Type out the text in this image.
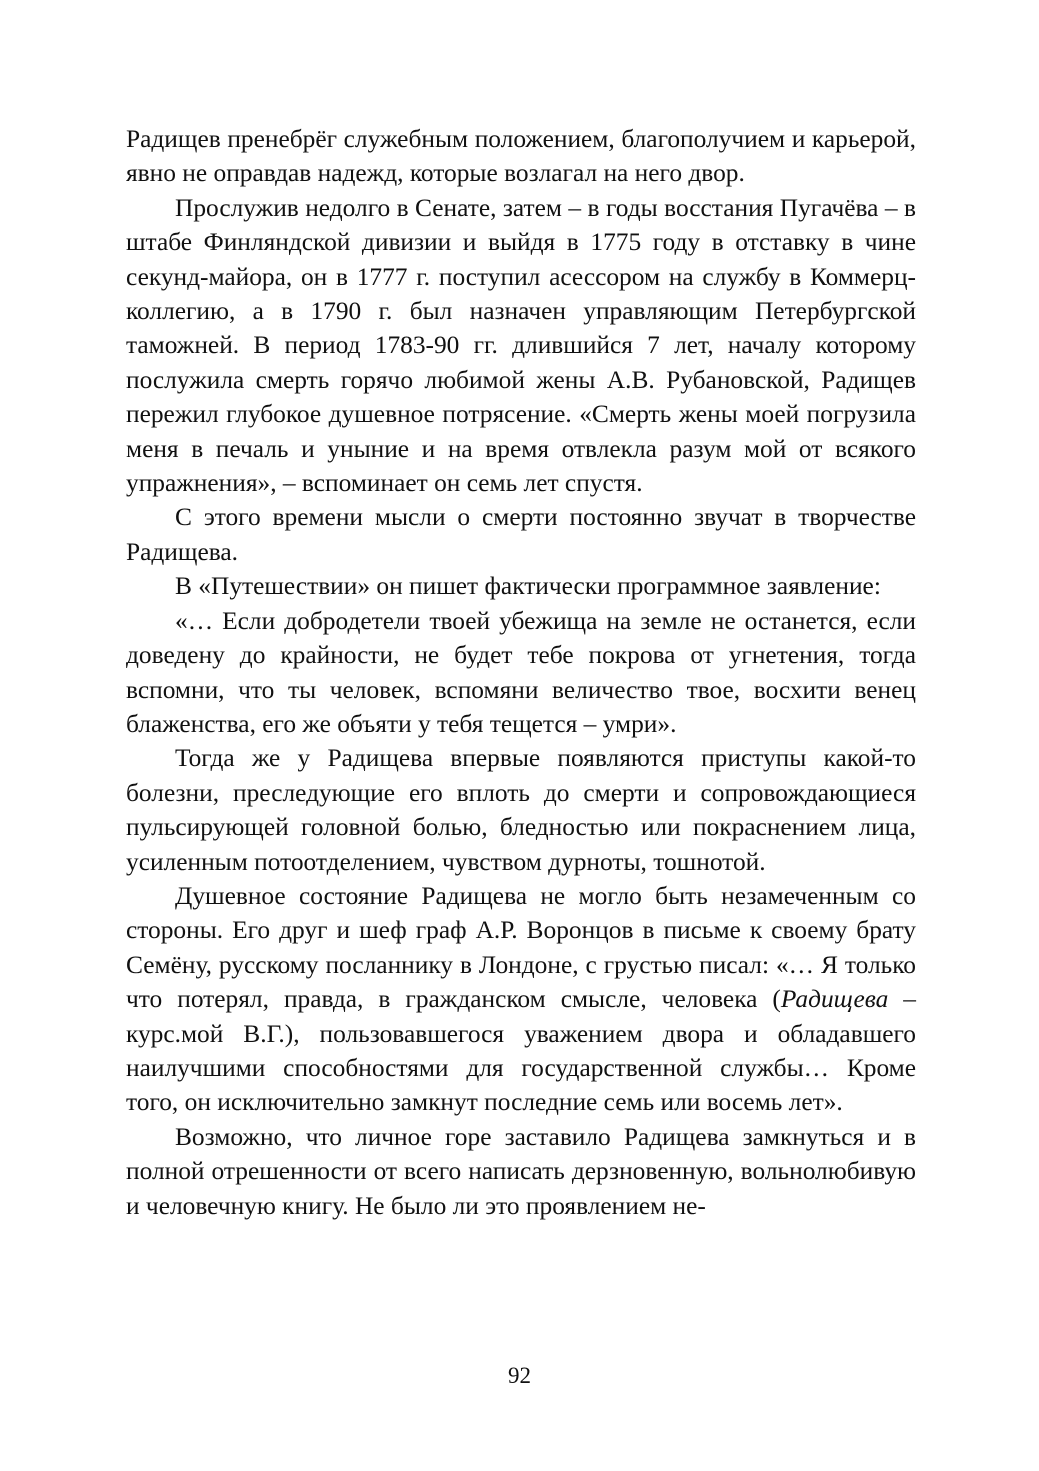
Радищев пренебрёг служебным положением, благополучием и карьерой, явно не оправдав надежд, которые возлагал на него двор.

Прослужив недолго в Сенате, затем – в годы восстания Пугачёва – в штабе Финляндской дивизии и выйдя в 1775 году в отставку в чине секунд-майора, он в 1777 г. поступил асессором на службу в Коммерц-коллегию, а в 1790 г. был назначен управляющим Петербургской таможней. В период 1783-90 гг. длившийся 7 лет, началу которому послужила смерть горячо любимой жены А.В. Рубановской, Радищев пережил глубокое душевное потрясение. «Смерть жены моей погрузила меня в печаль и уныние и на время отвлекла разум мой от всякого упражнения», – вспоминает он семь лет спустя.

С этого времени мысли о смерти постоянно звучат в творчестве Радищева.

В «Путешествии» он пишет фактически программное заявление:

«… Если добродетели твоей убежища на земле не останется, если доведену до крайности, не будет тебе покрова от угнетения, тогда вспомни, что ты человек, вспомяни величество твое, восхити венец блаженства, его же объяти у тебя тещется – умри».

Тогда же у Радищева впервые появляются приступы какой-то болезни, преследующие его вплоть до смерти и сопровождающиеся пульсирующей головной болью, бледностью или покраснением лица, усиленным потоотделением, чувством дурноты, тошнотой.

Душевное состояние Радищева не могло быть незамеченным со стороны. Его друг и шеф граф А.Р. Воронцов в письме к своему брату Семёну, русскому посланнику в Лондоне, с грустью писал: «… Я только что потерял, правда, в гражданском смысле, человека (Радищева – курс.мой В.Г.), пользовавшегося уважением двора и обладавшего наилучшими способностями для государственной службы… Кроме того, он исключительно замкнут последние семь или восемь лет».

Возможно, что личное горе заставило Радищева замкнуться и в полной отрешенности от всего написать дерзновенную, вольнолюбивую и человечную книгу. Не было ли это проявлением не-

92
